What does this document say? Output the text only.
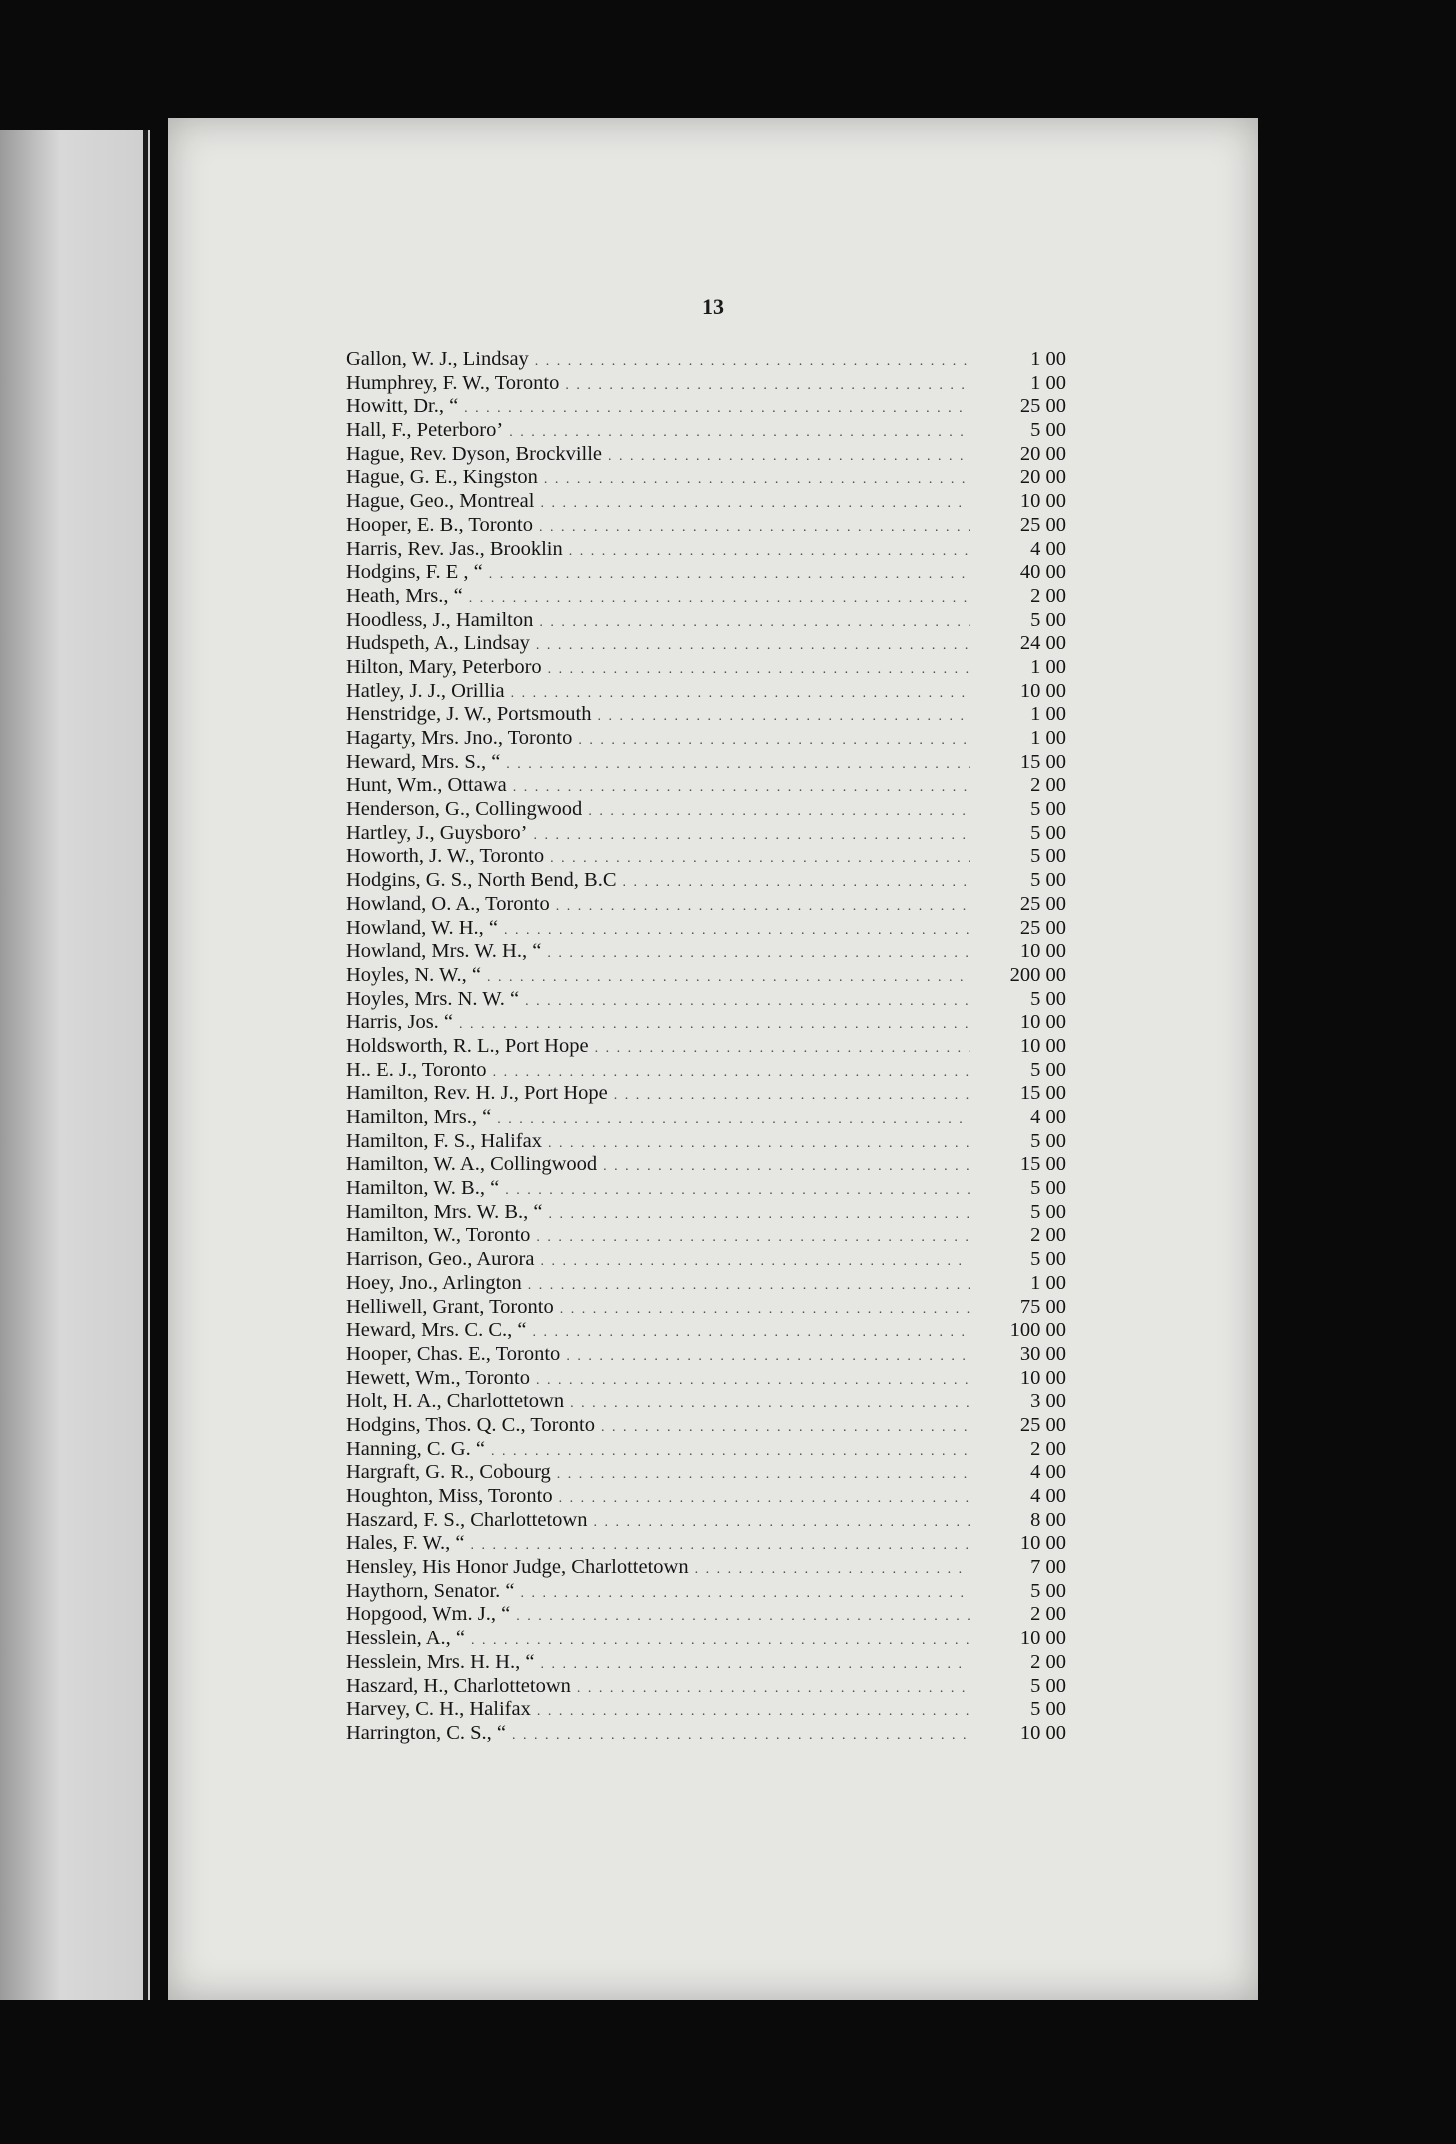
13
Gallon, W. J., Lindsay . . .	1 00
Humphrey, F. W., Toronto . . .	1 00
Howitt, Dr., “ . . .	25 00
Hall, F., Peterboro’ . . .	5 00
Hague, Rev. Dyson, Brockville . . .	20 00
Hague, G. E., Kingston . . .	20 00
Hague, Geo., Montreal . . .	10 00
Hooper, E. B., Toronto . . .	25 00
Harris, Rev. Jas., Brooklin . . .	4 00
Hodgins, F. E , “ . . .	40 00
Heath, Mrs., “ . . .	2 00
Hoodless, J., Hamilton . . .	5 00
Hudspeth, A., Lindsay . . .	24 00
Hilton, Mary, Peterboro . . .	1 00
Hatley, J. J., Orillia . . .	10 00
Henstridge, J. W., Portsmouth . . .	1 00
Hagarty, Mrs. Jno., Toronto . . .	1 00
Heward, Mrs. S., “ . . .	15 00
Hunt, Wm., Ottawa . . .	2 00
Henderson, G., Collingwood . . .	5 00
Hartley, J., Guysboro’ . . .	5 00
Howorth, J. W., Toronto . . .	5 00
Hodgins, G. S., North Bend, B.C . . .	5 00
Howland, O. A., Toronto . . .	25 00
Howland, W. H., “ . . .	25 00
Howland, Mrs. W. H., “ . . .	10 00
Hoyles, N. W., “ . . .	200 00
Hoyles, Mrs. N. W. “ . . .	5 00
Harris, Jos. “ . . .	10 00
Holdsworth, R. L., Port Hope . . .	10 00
H.. E. J., Toronto . . .	5 00
Hamilton, Rev. H. J., Port Hope . . .	15 00
Hamilton, Mrs., “ . . .	4 00
Hamilton, F. S., Halifax . . .	5 00
Hamilton, W. A., Collingwood . . .	15 00
Hamilton, W. B., “ . . .	5 00
Hamilton, Mrs. W. B., “ . . .	5 00
Hamilton, W., Toronto . . .	2 00
Harrison, Geo., Aurora . . .	5 00
Hoey, Jno., Arlington . . .	1 00
Helliwell, Grant, Toronto . . .	75 00
Heward, Mrs. C. C., “ . . .	100 00
Hooper, Chas. E., Toronto . . .	30 00
Hewett, Wm., Toronto . . .	10 00
Holt, H. A., Charlottetown . . .	3 00
Hodgins, Thos. Q. C., Toronto . . .	25 00
Hanning, C. G. “ . . .	2 00
Hargraft, G. R., Cobourg . . .	4 00
Houghton, Miss, Toronto . . .	4 00
Haszard, F. S., Charlottetown . . .	8 00
Hales, F. W., “ . . .	10 00
Hensley, His Honor Judge, Charlottetown . . .	7 00
Haythorn, Senator. “ . . .	5 00
Hopgood, Wm. J., “ . . .	2 00
Hesslein, A., “ . . .	10 00
Hesslein, Mrs. H. H., “ . . .	2 00
Haszard, H., Charlottetown . . .	5 00
Harvey, C. H., Halifax . . .	5 00
Harrington, C. S., “ . . .	10 00
